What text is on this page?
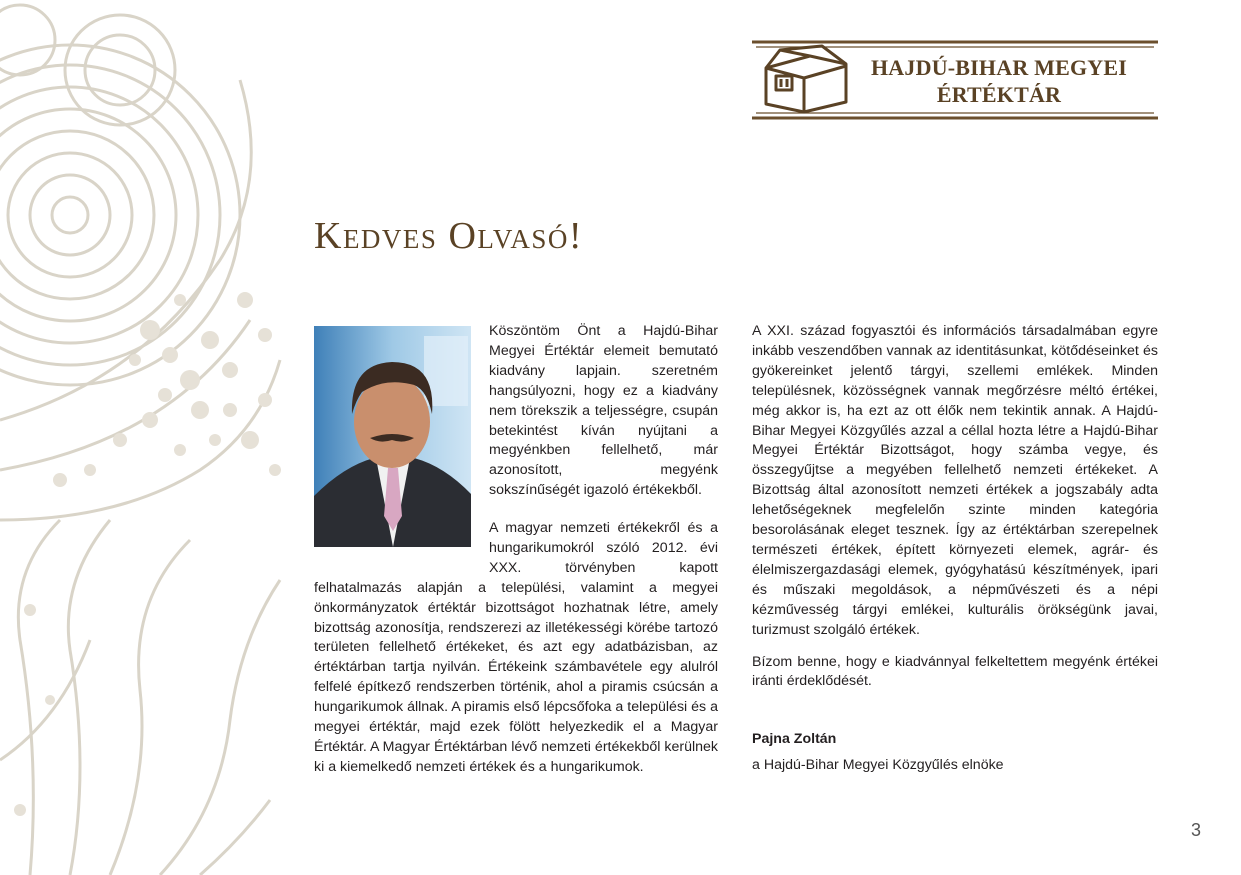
HAJDÚ-BIHAR MEGYEI
ÉRTÉKTÁR
Kedves Olvasó!

Köszöntöm Önt a Hajdú-Bihar Megyei Értéktár elemeit bemutató kiadvány lapjain. szeretném hangsúlyozni, hogy ez a kiadvány nem törekszik a teljességre, csupán betekintést kíván nyújtani a megyénkben fellelhető, már azonosított, megyénk sokszínűségét igazoló értékekből.

A magyar nemzeti értékekről és a hungarikumokról szóló 2012. évi XXX. törvényben kapott felhatalmazás alapján a települési, valamint a megyei önkormányzatok értéktár bizottságot hozhatnak létre, amely bizottság azonosítja, rendszerezi az illetékességi körébe tartozó területen fellelhető értékeket, és azt egy adatbázisban, az értéktárban tartja nyilván. Értékeink számbavétele egy alulról felfelé építkező rendszerben történik, ahol a piramis csúcsán a hungarikumok állnak. A piramis első lépcsőfoka a települési és a megyei értéktár, majd ezek fölött helyezkedik el a Magyar Értéktár. A Magyar Értéktárban lévő nemzeti értékekből kerülnek ki a kiemelkedő nemzeti értékek és a hungarikumok.

A XXI. század fogyasztói és információs társadalmában egyre inkább veszendőben vannak az identitásunkat, kötődéseinket és gyökereinket jelentő tárgyi, szellemi emlékek. Minden településnek, közösségnek vannak megőrzésre méltó értékei, még akkor is, ha ezt az ott élők nem tekintik annak. A Hajdú-Bihar Megyei Közgyűlés azzal a céllal hozta létre a Hajdú-Bihar Megyei Értéktár Bizottságot, hogy számba vegye, és összegyűjtse a megyében fellelhető nemzeti értékeket. A Bizottság által azonosított nemzeti értékek a jogszabály adta lehetőségeknek megfelelőn szinte minden kategória besorolásának eleget tesznek. Így az értéktárban szerepelnek természeti értékek, épített környezeti elemek, agrár- és élelmiszergazdasági elemek, gyógyhatású készítmények, ipari és műszaki megoldások, a népművészeti és a népi kézművesség tárgyi emlékei, kulturális örökségünk javai, turizmust szolgáló értékek.

Bízom benne, hogy e kiadvánnyal felkeltettem megyénk értékei iránti érdeklődését.

Pajna Zoltán
a Hajdú-Bihar Megyei Közgyűlés elnöke
3
